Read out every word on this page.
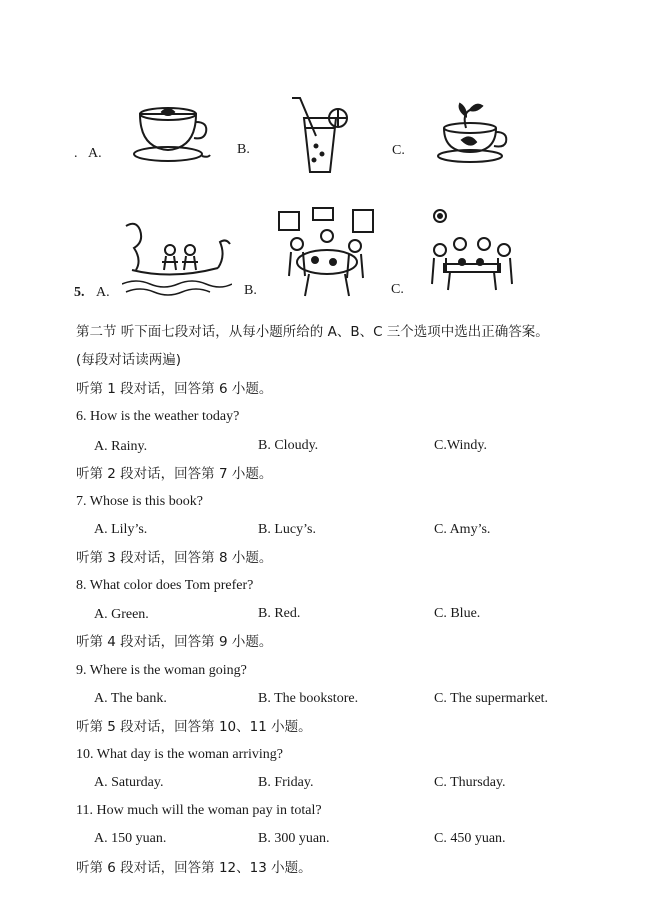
. A.	B.	C.
5. A.	B.	C.
第二节 听下面七段对话，从每小题所给的 A、B、C 三个选项中选出正确答案。
(每段对话读两遍)
听第 1 段对话，回答第 6 小题。
6. How is the weather today?
A. Rainy.	B. Cloudy.	C.Windy.
听第 2 段对话，回答第 7 小题。
7. Whose is this book?
A. Lily’s.	B. Lucy’s.	C. Amy’s.
听第 3 段对话，回答第 8 小题。
8. What color does Tom prefer?
A. Green.	B. Red.	C. Blue.
听第 4 段对话，回答第 9 小题。
9. Where is the woman going?
A. The bank.	B. The bookstore.	C. The supermarket.
听第 5 段对话，回答第 10、11 小题。
10. What day is the woman arriving?
A. Saturday.	B. Friday.	C. Thursday.
11. How much will the woman pay in total?
A. 150 yuan.	B. 300 yuan.	C. 450 yuan.
听第 6 段对话，回答第 12、13 小题。
